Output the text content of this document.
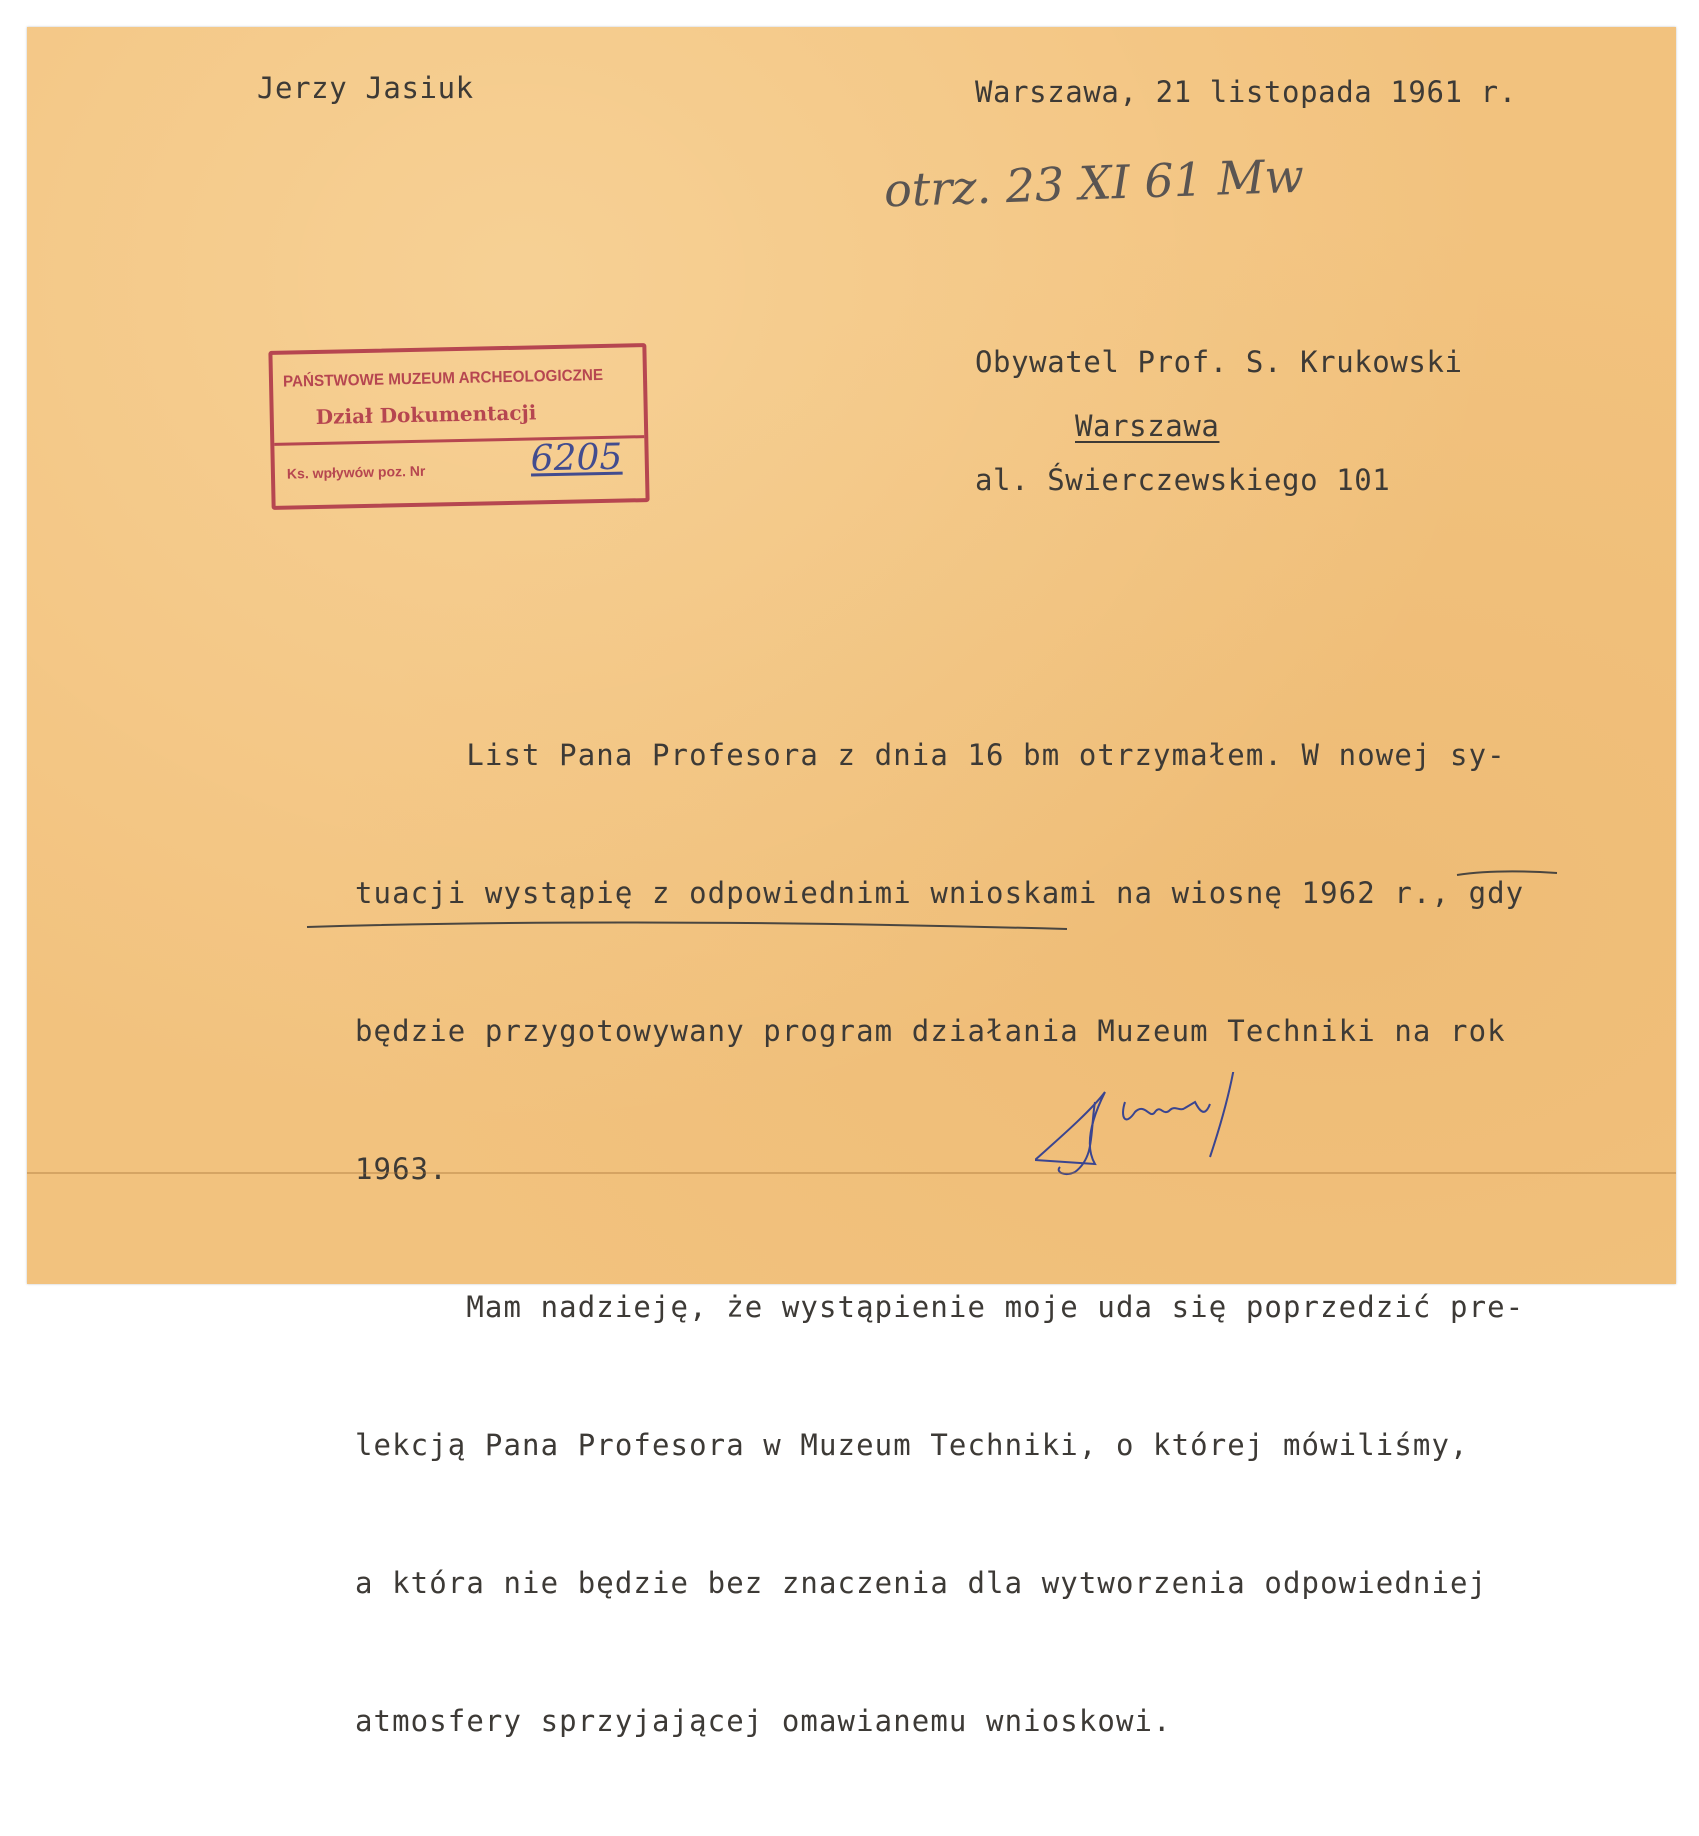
Jerzy Jasiuk	Warszawa, 21 listopada 1961 r.
otrz. 23 XI 61 Mw
PAŃSTWOWE MUZEUM ARCHEOLOGICZNE
Dział Dokumentacji
Ks. wpływów poz. Nr	6205
Obywatel Prof. S. Krukowski
Warszawa
al. Świerczewskiego 101

List Pana Profesora z dnia 16 bm otrzymałem. W nowej sy-

tuacji wystąpię z odpowiednimi wnioskami na wiosnę 1962 r., gdy

będzie przygotowywany program działania Muzeum Techniki na rok

1963.

Mam nadzieję, że wystąpienie moje uda się poprzedzić pre-

lekcją Pana Profesora w Muzeum Techniki, o której mówiliśmy,

a która nie będzie bez znaczenia dla wytworzenia odpowiedniej

atmosfery sprzyjającej omawianemu wnioskowi.
